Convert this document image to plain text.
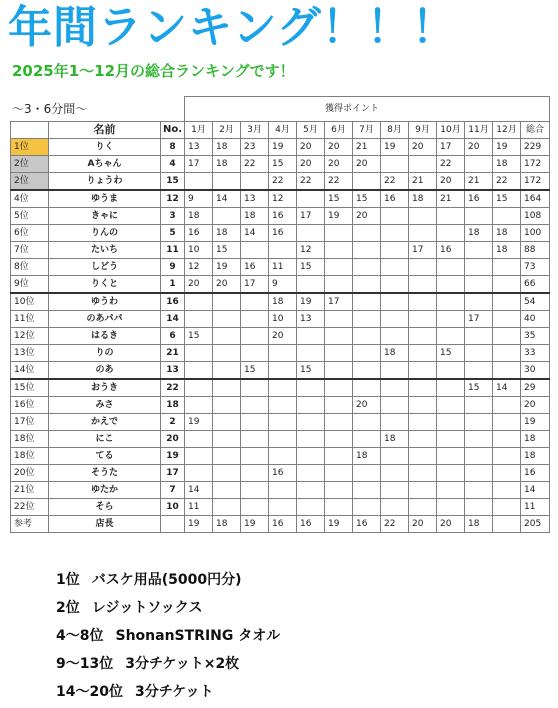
年間ランキング！！！
2025年1～12月の総合ランキングです！
			獲得ポイント												
	名前	No.	1月	2月	3月	4月	5月	6月	7月	8月	9月	10月	11月	12月	総合
1位	りく	8	13	18	23	19	20	20	21	19	20	17	20	19	229
2位	Aちゃん	4	17	18	22	15	20	20	20			22		18	172
2位	りょうわ	15				22	22	22		22	21	20	21	22	172
4位	ゆうま	12	9	14	13	12		15	15	16	18	21	16	15	164
5位	きゃに	3	18		18	16	17	19	20						108
6位	りんの	5	16	18	14	16							18	18	100
7位	たいち	11	10	15			12				17	16		18	88
8位	しどう	9	12	19	16	11	15								73
9位	りくと	1	20	20	17	9									66
10位	ゆうわ	16				18	19	17							54
11位	のあパパ	14				10	13						17		40
12位	はるき	6	15			20									35
13位	りの	21								18		15			33
14位	のあ	13			15		15								30
15位	おうき	22											15	14	29
16位	みさ	18							20						20
17位	かえで	2	19												19
18位	にこ	20								18					18
18位	てる	19							18						18
20位	そうた	17				16									16
21位	ゆたか	7	14												14
22位	そら	10	11												11
参考	店長		19	18	19	16	16	19	16	22	20	20	18		205
～3・6分間～
1位 バスケ用品(5000円分)
2位 レジットソックス
4～8位 ShonanSTRING タオル
9～13位 3分チケット×2枚
14～20位 3分チケット
